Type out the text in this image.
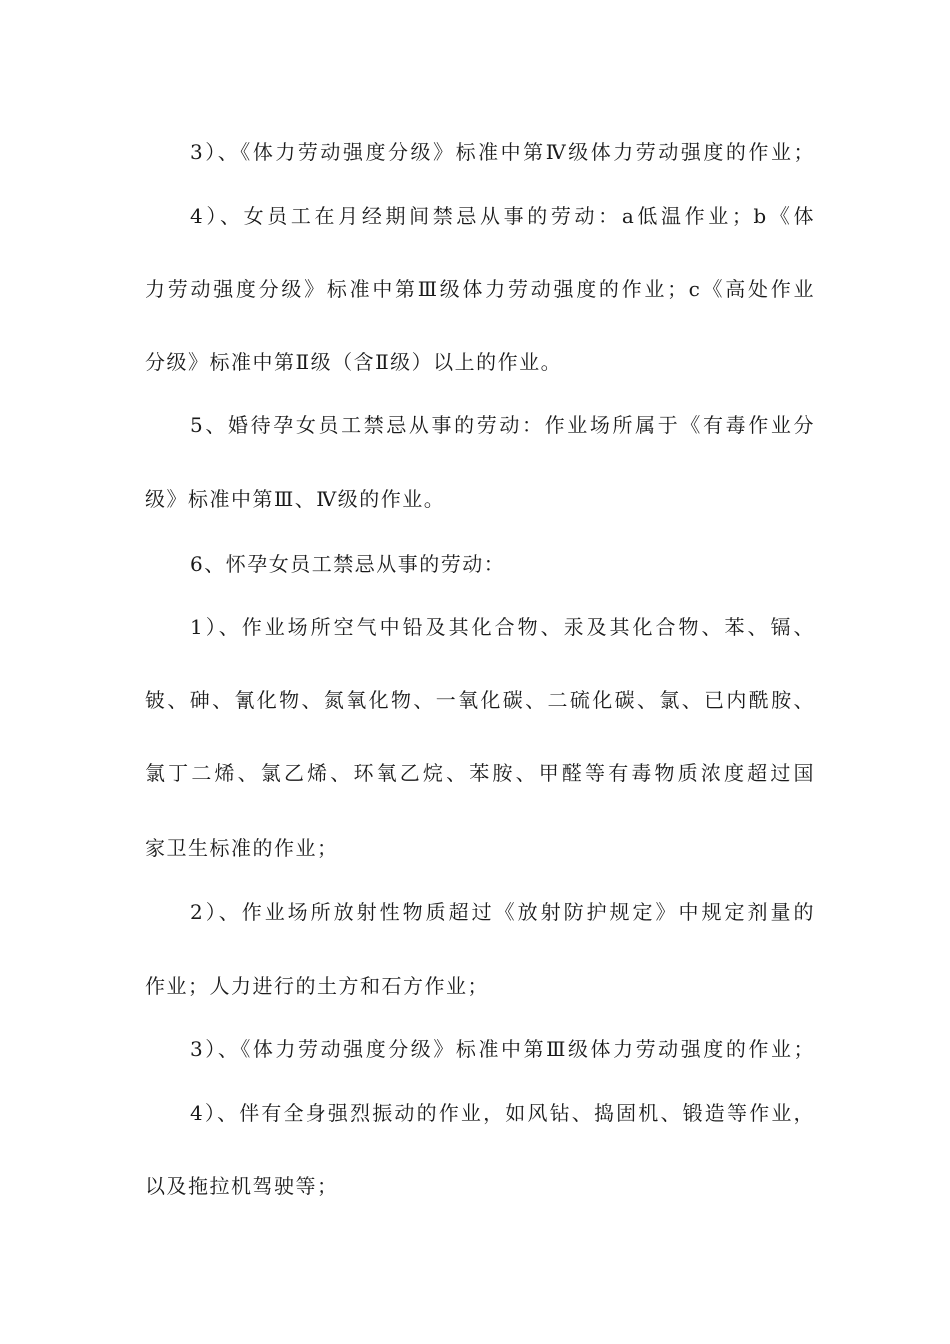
3）、《体力劳动强度分级》标准中第Ⅳ级体力劳动强度的作业；
4）、女员工在月经期间禁忌从事的劳动：a低温作业；b《体
力劳动强度分级》标准中第Ⅲ级体力劳动强度的作业；c《高处作业
分级》标准中第Ⅱ级（含Ⅱ级）以上的作业。
5、婚待孕女员工禁忌从事的劳动：作业场所属于《有毒作业分
级》标准中第Ⅲ、Ⅳ级的作业。
6、怀孕女员工禁忌从事的劳动：
1）、作业场所空气中铅及其化合物、汞及其化合物、苯、镉、
铍、砷、氰化物、氮氧化物、一氧化碳、二硫化碳、氯、已内酰胺、
氯丁二烯、氯乙烯、环氧乙烷、苯胺、甲醛等有毒物质浓度超过国
家卫生标准的作业；
2）、作业场所放射性物质超过《放射防护规定》中规定剂量的
作业；人力进行的土方和石方作业；
3）、《体力劳动强度分级》标准中第Ⅲ级体力劳动强度的作业；
4）、伴有全身强烈振动的作业，如风钻、捣固机、锻造等作业，
以及拖拉机驾驶等；
